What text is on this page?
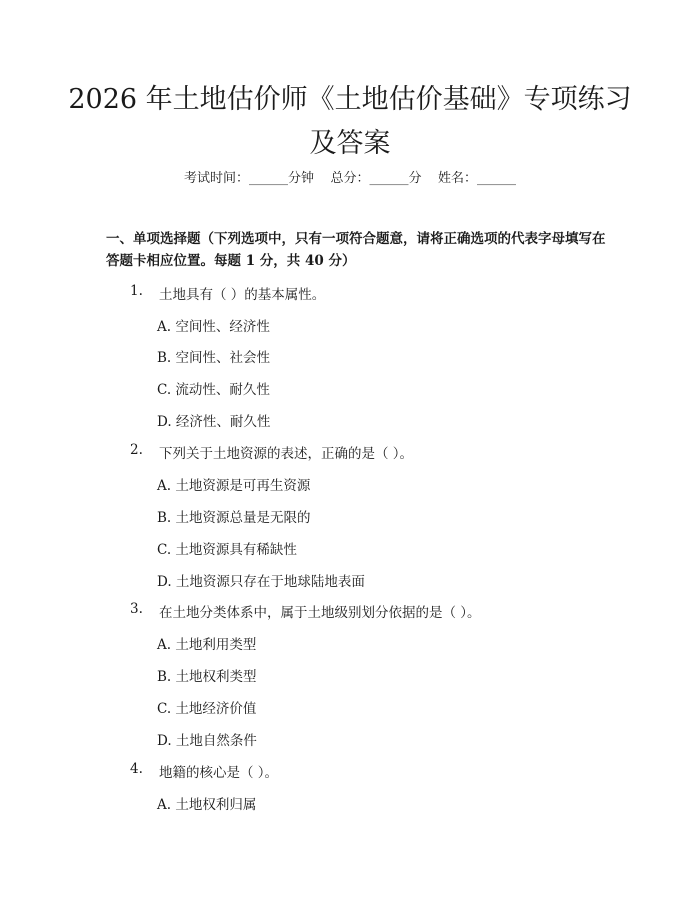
2026 年土地估价师《土地估价基础》专项练习及答案
考试时间：______分钟    总分：______分    姓名：______
一、单项选择题（下列选项中，只有一项符合题意，请将正确选项的代表字母填写在答题卡相应位置。每题 1 分，共 40 分）
1. 土地具有（ ）的基本属性。
A. 空间性、经济性
B. 空间性、社会性
C. 流动性、耐久性
D. 经济性、耐久性
2. 下列关于土地资源的表述，正确的是（ ）。
A. 土地资源是可再生资源
B. 土地资源总量是无限的
C. 土地资源具有稀缺性
D. 土地资源只存在于地球陆地表面
3. 在土地分类体系中，属于土地级别划分依据的是（ ）。
A. 土地利用类型
B. 土地权利类型
C. 土地经济价值
D. 土地自然条件
4. 地籍的核心是（ ）。
A. 土地权利归属
